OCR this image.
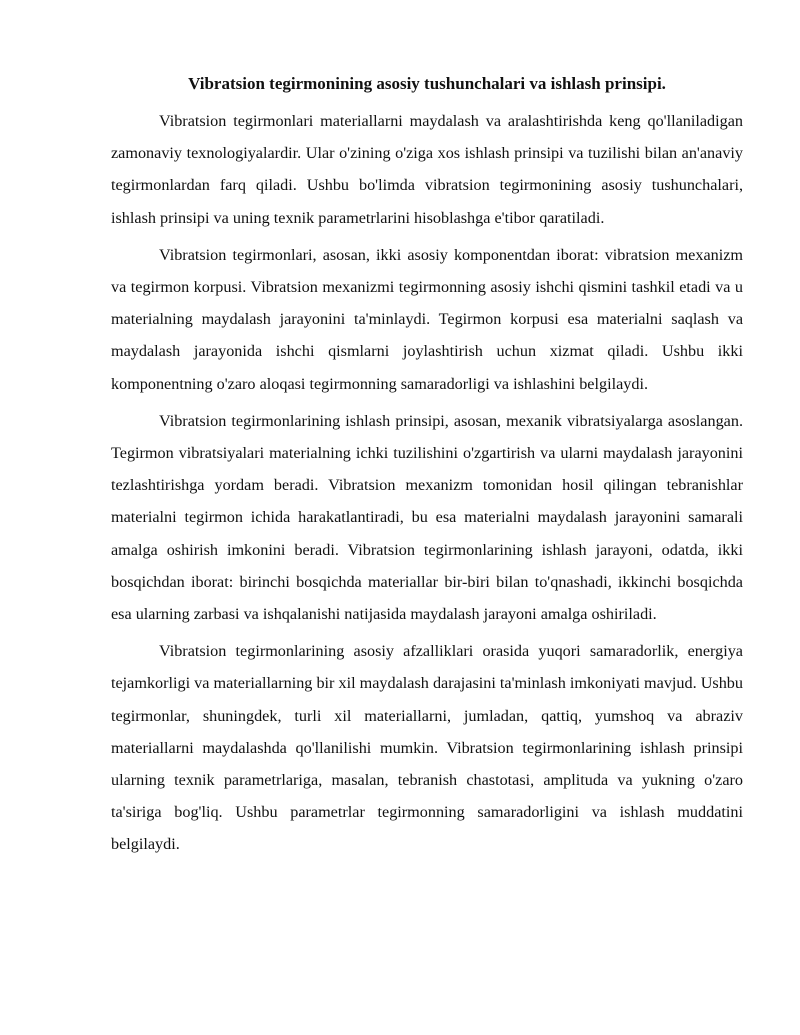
Vibratsion tegirmonining asosiy tushunchalari va ishlash prinsipi.

Vibratsion tegirmonlari materiallarni maydalash va aralashtirishda keng qo'llaniladigan zamonaviy texnologiyalardir. Ular o'zining o'ziga xos ishlash prinsipi va tuzilishi bilan an'anaviy tegirmonlardan farq qiladi. Ushbu bo'limda vibratsion tegirmonining asosiy tushunchalari, ishlash prinsipi va uning texnik parametrlarini hisoblashga e'tibor qaratiladi.

Vibratsion tegirmonlari, asosan, ikki asosiy komponentdan iborat: vibratsion mexanizm va tegirmon korpusi. Vibratsion mexanizmi tegirmonning asosiy ishchi qismini tashkil etadi va u materialning maydalash jarayonini ta'minlaydi. Tegirmon korpusi esa materialni saqlash va maydalash jarayonida ishchi qismlarni joylashtirish uchun xizmat qiladi. Ushbu ikki komponentning o'zaro aloqasi tegirmonning samaradorligi va ishlashini belgilaydi.

Vibratsion tegirmonlarining ishlash prinsipi, asosan, mexanik vibratsiyalarga asoslangan. Tegirmon vibratsiyalari materialning ichki tuzilishini o'zgartirish va ularni maydalash jarayonini tezlashtirishga yordam beradi. Vibratsion mexanizm tomonidan hosil qilingan tebranishlar materialni tegirmon ichida harakatlantiradi, bu esa materialni maydalash jarayonini samarali amalga oshirish imkonini beradi. Vibratsion tegirmonlarining ishlash jarayoni, odatda, ikki bosqichdan iborat: birinchi bosqichda materiallar bir-biri bilan to'qnashadi, ikkinchi bosqichda esa ularning zarbasi va ishqalanishi natijasida maydalash jarayoni amalga oshiriladi.

Vibratsion tegirmonlarining asosiy afzalliklari orasida yuqori samaradorlik, energiya tejamkorligi va materiallarning bir xil maydalash darajasini ta'minlash imkoniyati mavjud. Ushbu tegirmonlar, shuningdek, turli xil materiallarni, jumladan, qattiq, yumshoq va abraziv materiallarni maydalashda qo'llanilishi mumkin. Vibratsion tegirmonlarining ishlash prinsipi ularning texnik parametrlariga, masalan, tebranish chastotasi, amplituda va yukning o'zaro ta'siriga bog'liq. Ushbu parametrlar tegirmonning samaradorligini va ishlash muddatini belgilaydi.
